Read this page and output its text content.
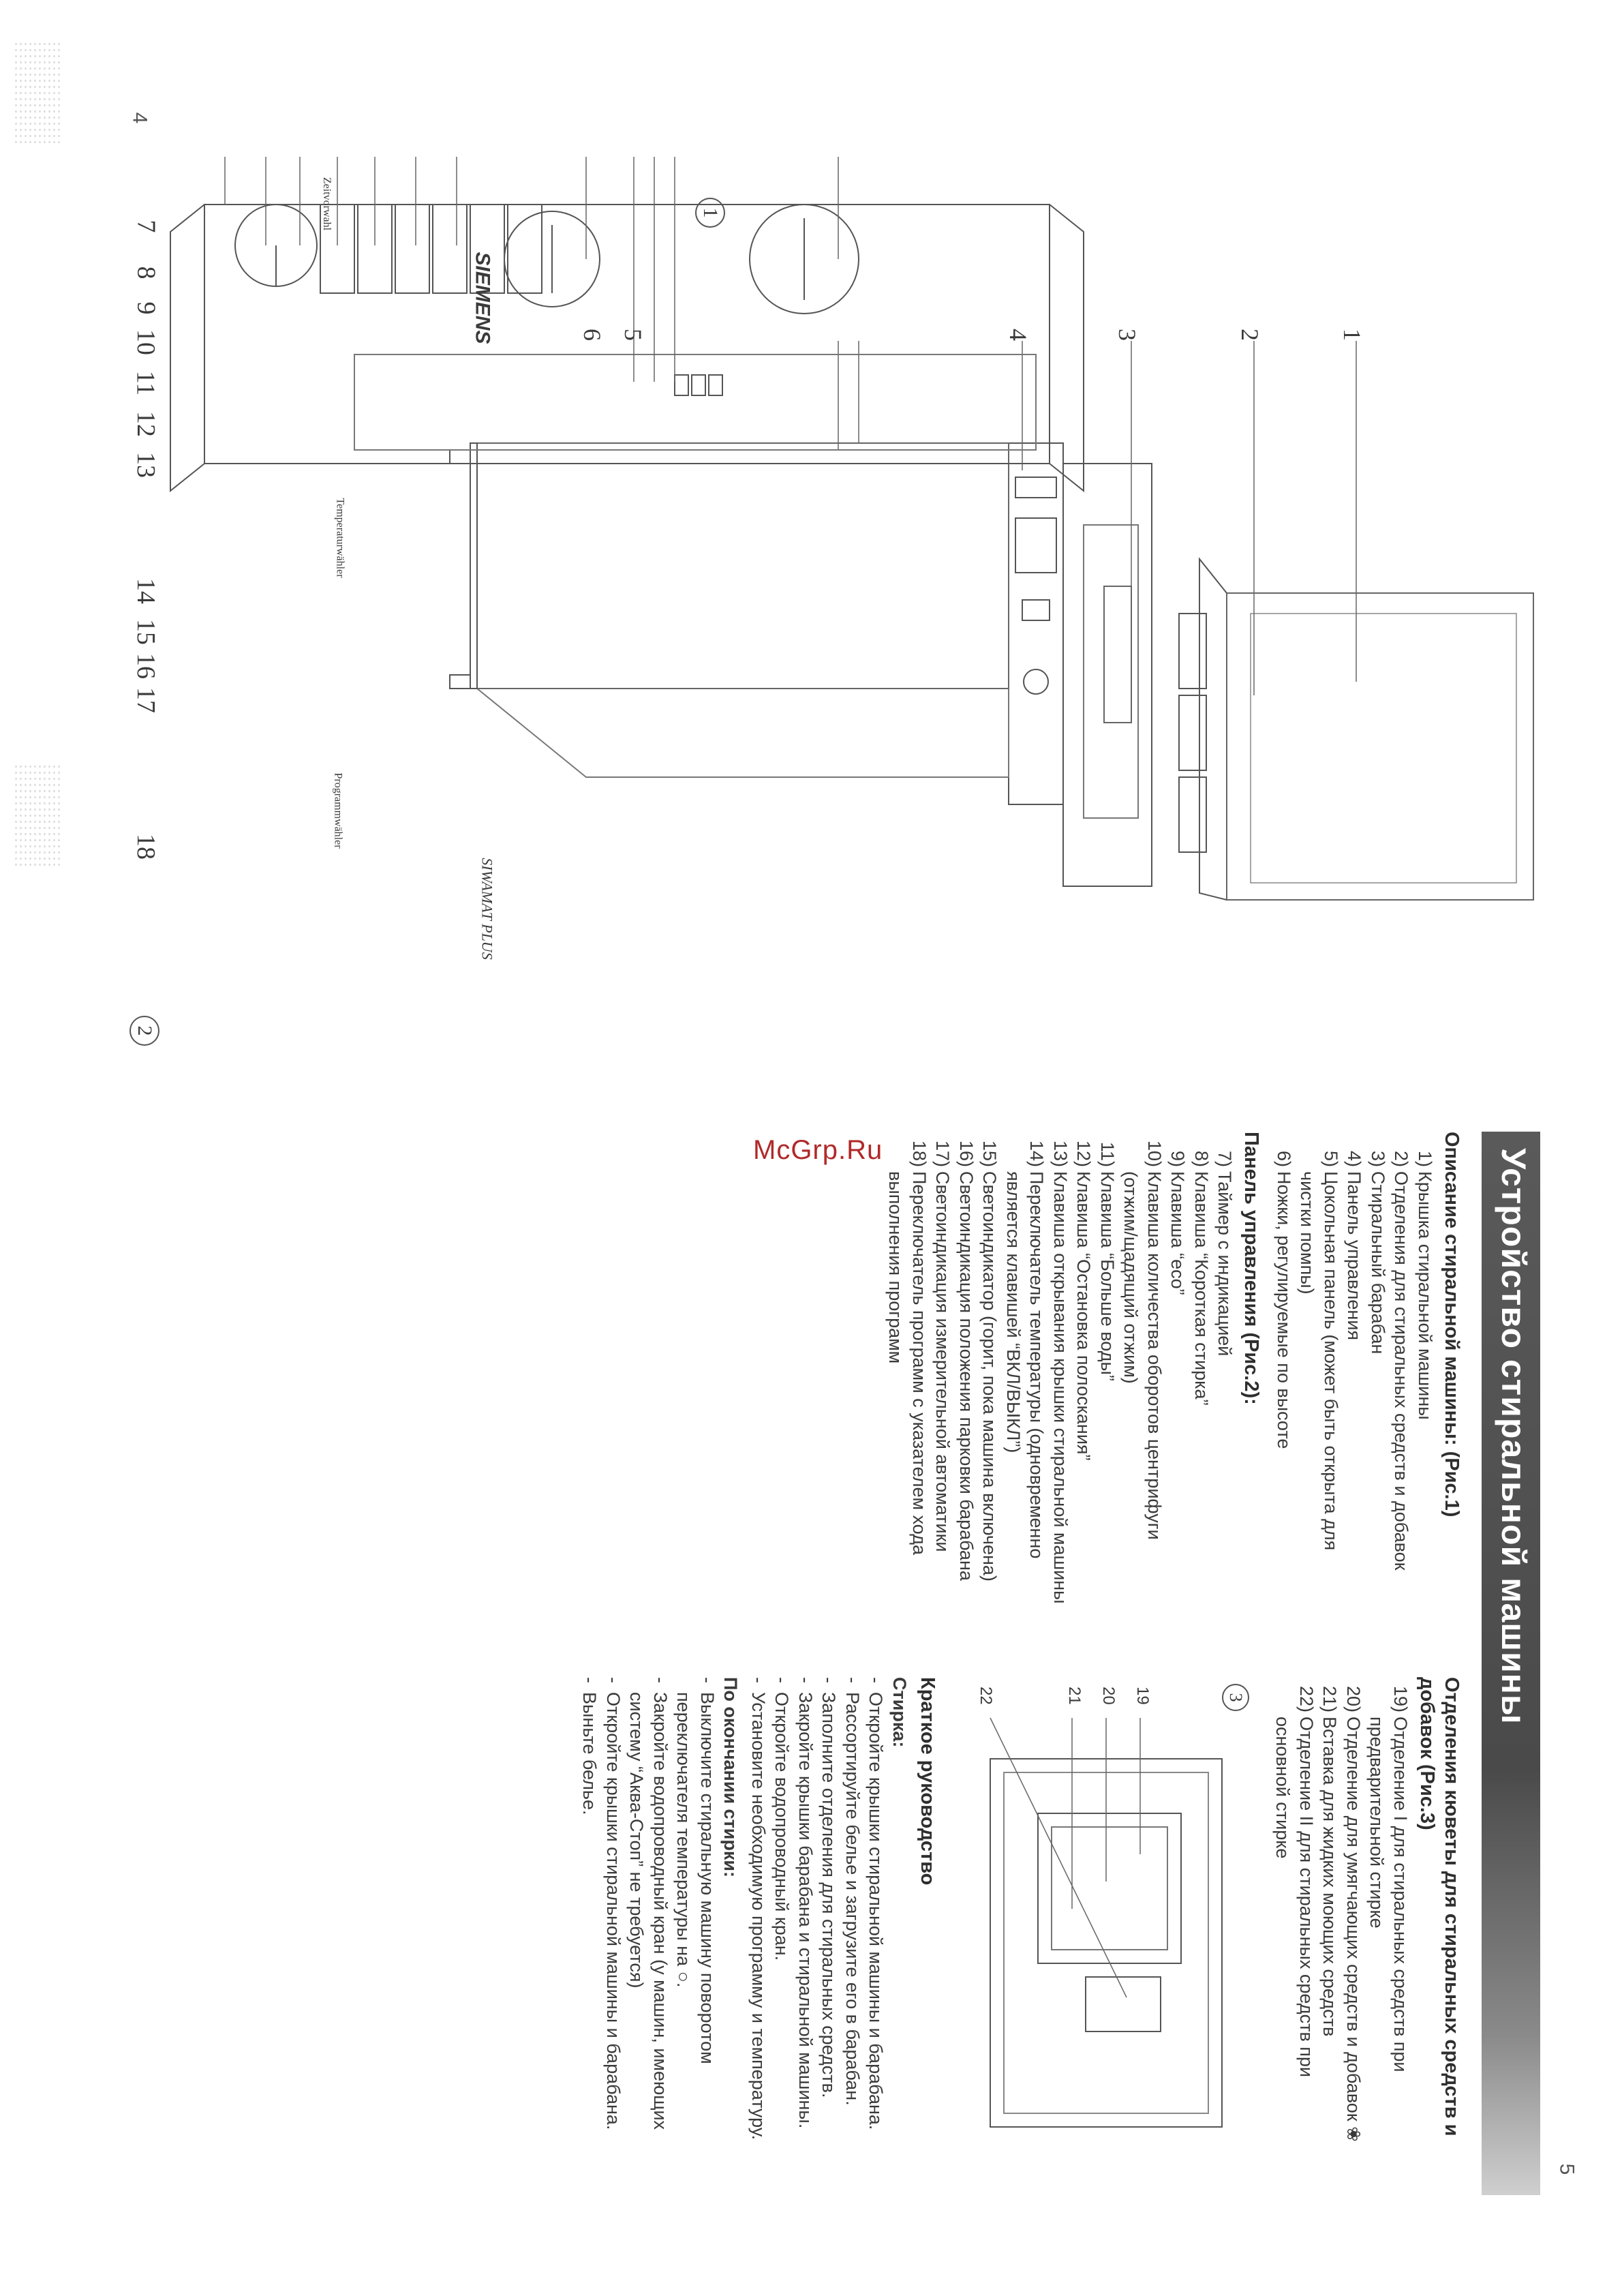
4
5
1
2
3
4
5
6
1
7
8
9
10
11
12
13
14
15
16
17
18
2
SIEMENS
SIWAMAT PLUS
Zeitvorwahl
Temperaturwähler
Programmwähler
McGrp.Ru	Устройство стиральной машины
Описание стиральной машины: (Рис.1)
1)
Крышка стиральной машины
2)
Отделения для стиральных средств и добавок
3)
Стиральный барабан
4)
Панель управления
5)
Цокольная панель (может быть открыта для чистки помпы)
6)
Ножки, регулируемые по высоте
Панель управления (Рис.2):
7)
Таймер с индикацией
8)
Клавиша “Короткая стирка”
9)
Клавиша “eco”
10)
Клавиша количества оборотов центрифуги (отжим/щадящий отжим)
11)
Клавиша “Больше воды”
12)
Клавиша “Остановка полоскания”
13)
Клавиша открывания крышки стиральной машины
14)
Переключатель температуры (одновременно является клавишей “ВКЛ/ВЫКЛ”)
15)
Светоиндикатор (горит, пока машина включена)
16)
Светоиндикация положения парковки барабана
17)
Светоиндикация измерительной автоматики
18)
Переключатель программ с указателем хода выполнения программ
Отделения кюветы для стиральных средств и добавок (Рис.3)
19)
Отделение I для стиральных средств при предварительной стирке
20)
Отделение для умягчающих средств и добавок ❀
21)
Вставка для жидких моющих средств
22)
Отделение II для стиральных средств при основной стирке
3
19
20
21
22
Краткое руководство
Стирка:
- Откройте крышки стиральной машины и барабана.
- Рассортируйте белье и загрузите его в барабан.
- Заполните отделения для стиральных средств.
- Закройте крышки барабана и стиральной машины.
- Откройте водопроводный кран.
- Установите необходимую программу и температуру.
По окончании стирки:
- Выключите стиральную машину поворотом переключателя температуры на ○.
- Закройте водопроводный кран (у машин, имеющих систему “Аква-Стоп” не требуется)
- Откройте крышки стиральной машины и барабана.
- Выньте белье.
